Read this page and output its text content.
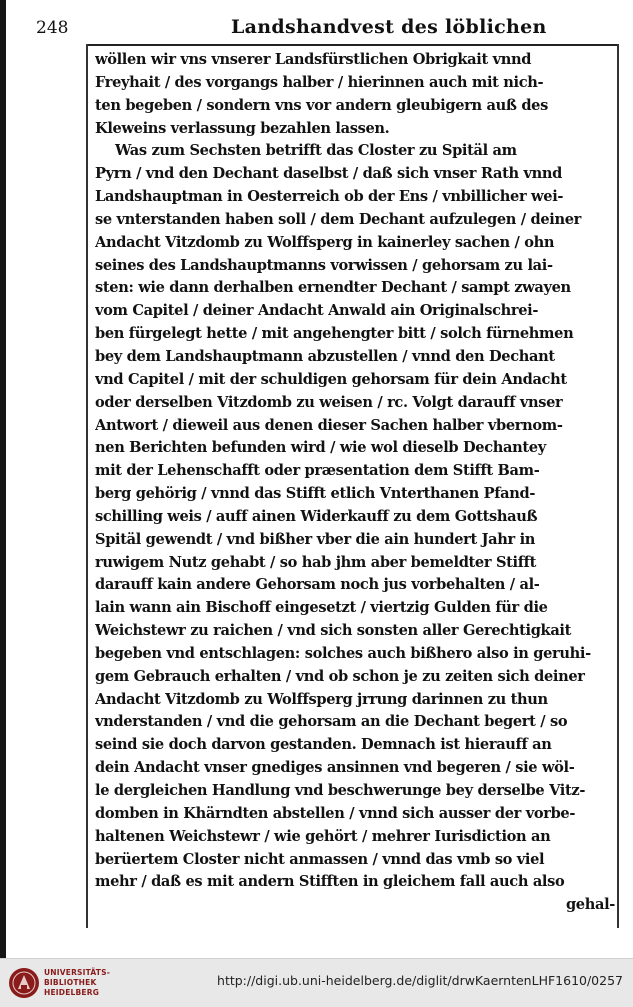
248	Landshandvest des löblichen
wöllen wir vns vnserer Landsfürstlichen Obrigkait vnnd
Freyhait / des vorgangs halber / hierinnen auch mit nich-
ten begeben / sondern vns vor andern gleubigern auß des
Kleweins verlassung bezahlen lassen.
Was zum Sechsten betrifft das Closter zu Spitäl am
Pyrn / vnd den Dechant daselbst / daß sich vnser Rath vnnd
Landshauptman in Oesterreich ob der Ens / vnbillicher wei-
se vnterstanden haben soll / dem Dechant aufzulegen / deiner
Andacht Vitzdomb zu Wolffsperg in kainerley sachen / ohn
seines des Landshauptmanns vorwissen / gehorsam zu lai-
sten: wie dann derhalben ernendter Dechant / sampt zwayen
vom Capitel / deiner Andacht Anwald ain Originalschrei-
ben fürgelegt hette / mit angehengter bitt / solch fürnehmen
bey dem Landshauptmann abzustellen / vnnd den Dechant
vnd Capitel / mit der schuldigen gehorsam für dein Andacht
oder derselben Vitzdomb zu weisen / rc. Volgt darauff vnser
Antwort / dieweil aus denen dieser Sachen halber vbernom-
nen Berichten befunden wird / wie wol dieselb Dechantey
mit der Lehenschafft oder præsentation dem Stifft Bam-
berg gehörig / vnnd das Stifft etlich Vnterthanen Pfand-
schilling weis / auff ainen Widerkauff zu dem Gottshauß
Spitäl gewendt / vnd bißher vber die ain hundert Jahr in
ruwigem Nutz gehabt / so hab jhm aber bemeldter Stifft
darauff kain andere Gehorsam noch jus vorbehalten / al-
lain wann ain Bischoff eingesetzt / viertzig Gulden für die
Weichstewr zu raichen / vnd sich sonsten aller Gerechtigkait
begeben vnd entschlagen: solches auch bißhero also in geruhi-
gem Gebrauch erhalten / vnd ob schon je zu zeiten sich deiner
Andacht Vitzdomb zu Wolffsperg jrrung darinnen zu thun
vnderstanden / vnd die gehorsam an die Dechant begert / so
seind sie doch darvon gestanden. Demnach ist hierauff an
dein Andacht vnser gnediges ansinnen vnd begeren / sie wöl-
le dergleichen Handlung vnd beschwerunge bey derselbe Vitz-
domben in Khärndten abstellen / vnnd sich ausser der vorbe-
haltenen Weichstewr / wie gehört / mehrer Iurisdiction an
berüertem Closter nicht anmassen / vnnd das vmb so viel
mehr / daß es mit andern Stifften in gleichem fall auch also
gehal-
UNIVERSITÄTS-
BIBLIOTHEK
HEIDELBERG
http://digi.ub.uni-heidelberg.de/diglit/drwKaerntenLHF1610/0257
